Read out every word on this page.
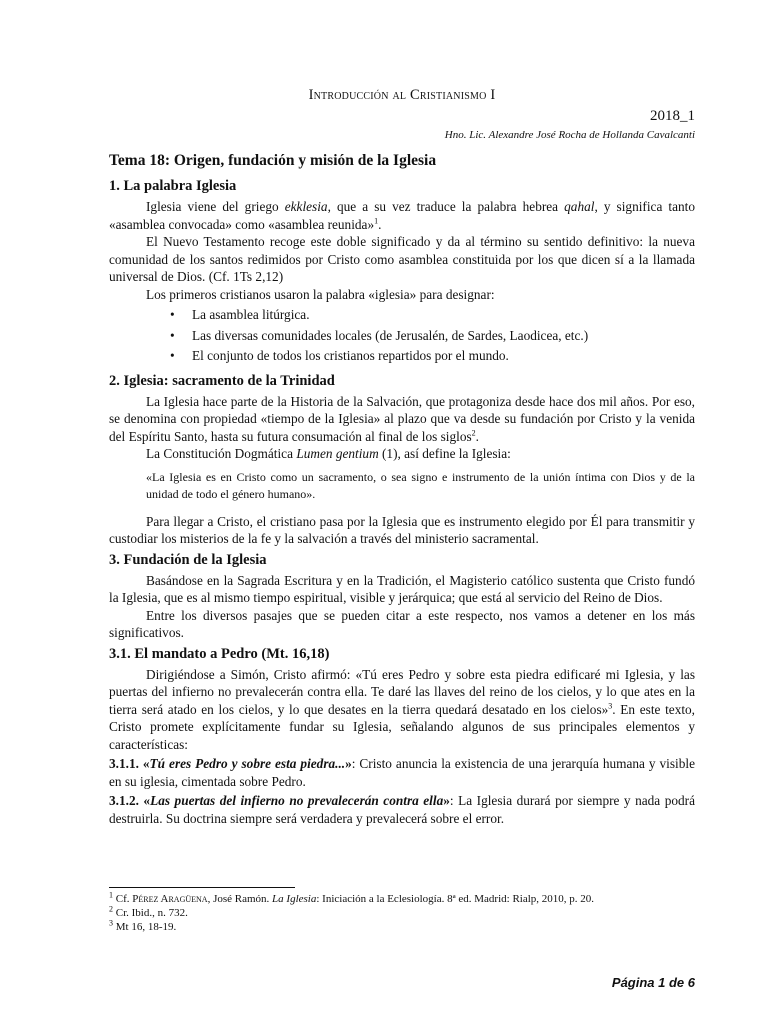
Introducción al Cristianismo I
2018_1
Hno. Lic. Alexandre José Rocha de Hollanda Cavalcanti
Tema 18: Origen, fundación y misión de la Iglesia
1. La palabra Iglesia

Iglesia viene del griego ekklesia, que a su vez traduce la palabra hebrea qahal, y significa tanto «asamblea convocada» como «asamblea reunida»$^1$.

El Nuevo Testamento recoge este doble significado y da al término su sentido definitivo: la nueva comunidad de los santos redimidos por Cristo como asamblea constituida por los que dicen sí a la llamada universal de Dios. (Cf. 1Ts 2,12)

Los primeros cristianos usaron la palabra «iglesia» para designar:

• La asamblea litúrgica.
• Las diversas comunidades locales (de Jerusalén, de Sardes, Laodicea, etc.)
• El conjunto de todos los cristianos repartidos por el mundo.
2. Iglesia: sacramento de la Trinidad

La Iglesia hace parte de la Historia de la Salvación, que protagoniza desde hace dos mil años. Por eso, se denomina con propiedad «tiempo de la Iglesia» al plazo que va desde su fundación por Cristo y la venida del Espíritu Santo, hasta su futura consumación al final de los siglos$^2$.

La Constitución Dogmática Lumen gentium (1), así define la Iglesia:

«La Iglesia es en Cristo como un sacramento, o sea signo e instrumento de la unión íntima con Dios y de la unidad de todo el género humano».

Para llegar a Cristo, el cristiano pasa por la Iglesia que es instrumento elegido por Él para transmitir y custodiar los misterios de la fe y la salvación a través del ministerio sacramental.

3. Fundación de la Iglesia

Basándose en la Sagrada Escritura y en la Tradición, el Magisterio católico sustenta que Cristo fundó la Iglesia, que es al mismo tiempo espiritual, visible y jerárquica; que está al servicio del Reino de Dios.

Entre los diversos pasajes que se pueden citar a este respecto, nos vamos a detener en los más significativos.

3.1. El mandato a Pedro (Mt. 16,18)

Dirigiéndose a Simón, Cristo afirmó: «Tú eres Pedro y sobre esta piedra edificaré mi Iglesia, y las puertas del infierno no prevalecerán contra ella. Te daré las llaves del reino de los cielos, y lo que ates en la tierra será atado en los cielos, y lo que desates en la tierra quedará desatado en los cielos»$^3$. En este texto, Cristo promete explícitamente fundar su Iglesia, señalando algunos de sus principales elementos y características:

3.1.1. «Tú eres Pedro y sobre esta piedra...»: Cristo anuncia la existencia de una jerarquía humana y visible en su iglesia, cimentada sobre Pedro.

3.1.2. «Las puertas del infierno no prevalecerán contra ella»: La Iglesia durará por siempre y nada podrá destruirla. Su doctrina siempre será verdadera y prevalecerá sobre el error.

$^1$ Cf. Pérez Aragüena, José Ramón. La Iglesia: Iniciación a la Eclesiología. 8ª ed. Madrid: Rialp, 2010, p. 20.
$^2$ Cr. Ibid., n. 732.
$^3$ Mt 16, 18-19.
Página 1 de 6
